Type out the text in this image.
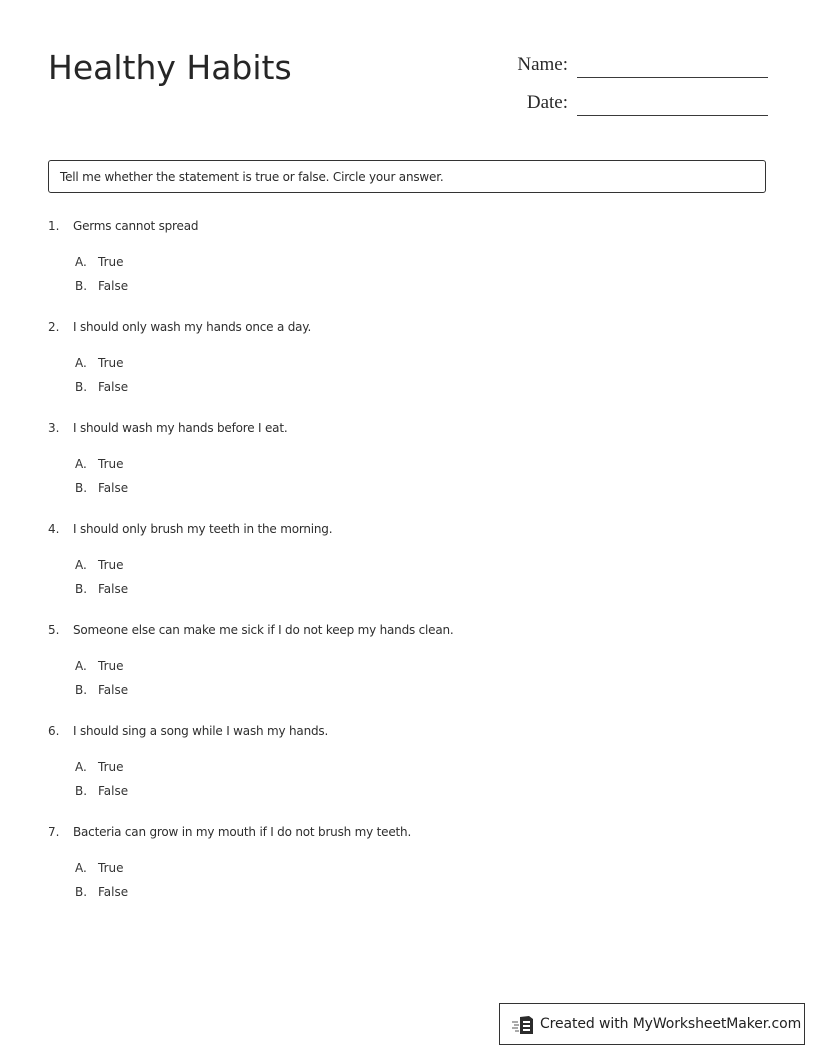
Healthy Habits	Name:
Date:
Tell me whether the statement is true or false. Circle your answer.
1. Germs cannot spread
A. True
B. False
2. I should only wash my hands once a day.
A. True
B. False
3. I should wash my hands before I eat.
A. True
B. False
4. I should only brush my teeth in the morning.
A. True
B. False
5. Someone else can make me sick if I do not keep my hands clean.
A. True
B. False
6. I should sing a song while I wash my hands.
A. True
B. False
7. Bacteria can grow in my mouth if I do not brush my teeth.
A. True
B. False
Created with MyWorksheetMaker.com
